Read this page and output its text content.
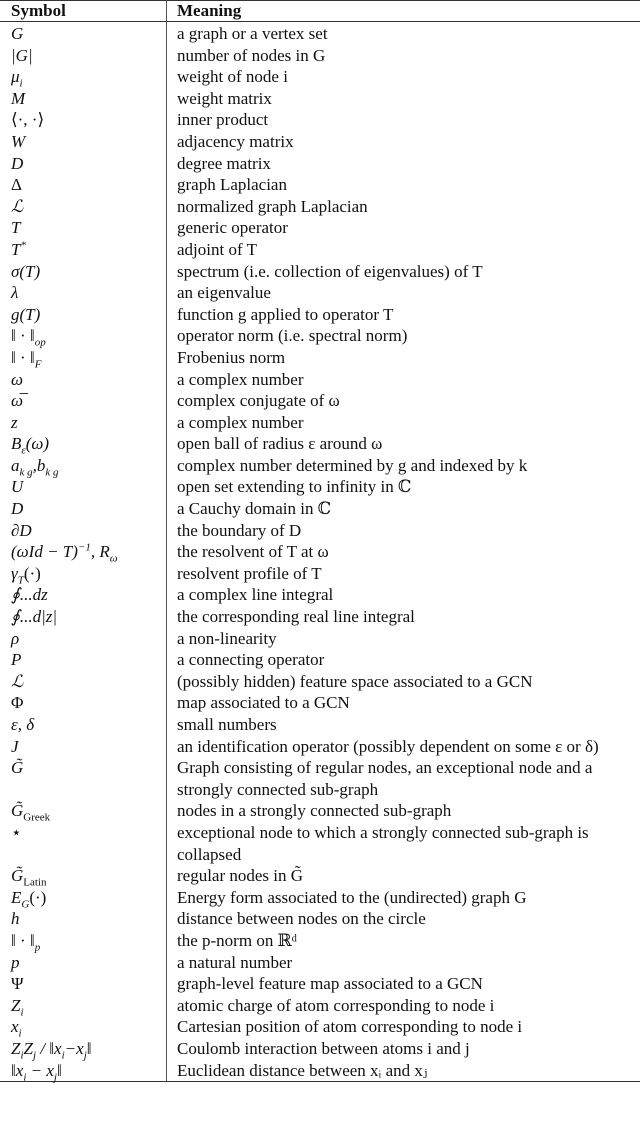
Symbol	Meaning
G	a graph or a vertex set
|G|	number of nodes in G
$\mu_i$	weight of node i
M	weight matrix
⟨·, ·⟩	inner product
W	adjacency matrix
D	degree matrix
Δ	graph Laplacian
ℒ	normalized graph Laplacian
T	generic operator
T*	adjoint of T
σ(T)	spectrum (i.e. collection of eigenvalues) of T
λ	an eigenvalue
g(T)	function g applied to operator T
‖ · $‖_{op}$	operator norm (i.e. spectral norm)
‖ · $‖_F$	Frobenius norm
ω	a complex number
ω̅	complex conjugate of ω
z	a complex number
$B_\varepsilon(\omega)$	open ball of radius ε around ω
$a_{k g},b_{k g}$	complex number determined by g and indexed by k
U	open set extending to infinity in ℂ
D	a Cauchy domain in ℂ
∂D	the boundary of D
$(\omega Id - T)^{-1}$, $R_\omega$	the resolvent of T at ω
$\gamma_T(\cdot)$	resolvent profile of T
∮...dz	a complex line integral
∮...d|z|	the corresponding real line integral
ρ	a non-linearity
P	a connecting operator
ℒ	(possibly hidden) feature space associated to a GCN
Φ	map associated to a GCN
ε, δ	small numbers
J	an identification operator (possibly dependent on some ε or δ)
G̃	Graph consisting of regular nodes, an exceptional node and a strongly connected sub-graph
$G̃_{Greek}$	nodes in a strongly connected sub-graph
⋆	exceptional node to which a strongly connected sub-graph is collapsed
$G̃_{Latin}$	regular nodes in G̃
$E_G(\cdot)$	Energy form associated to the (undirected) graph G
h	distance between nodes on the circle
‖ · $‖_p$	the p-norm on ℝᵈ
p	a natural number
Ψ	graph-level feature map associated to a GCN
$Z_i$	atomic charge of atom corresponding to node i
$x_i$	Cartesian position of atom corresponding to node i
$Z_iZ_j$ / $‖x_i-x_j‖$	Coulomb interaction between atoms i and j
$‖x_i$ − $x_j‖$	Euclidean distance between xᵢ and xⱼ
